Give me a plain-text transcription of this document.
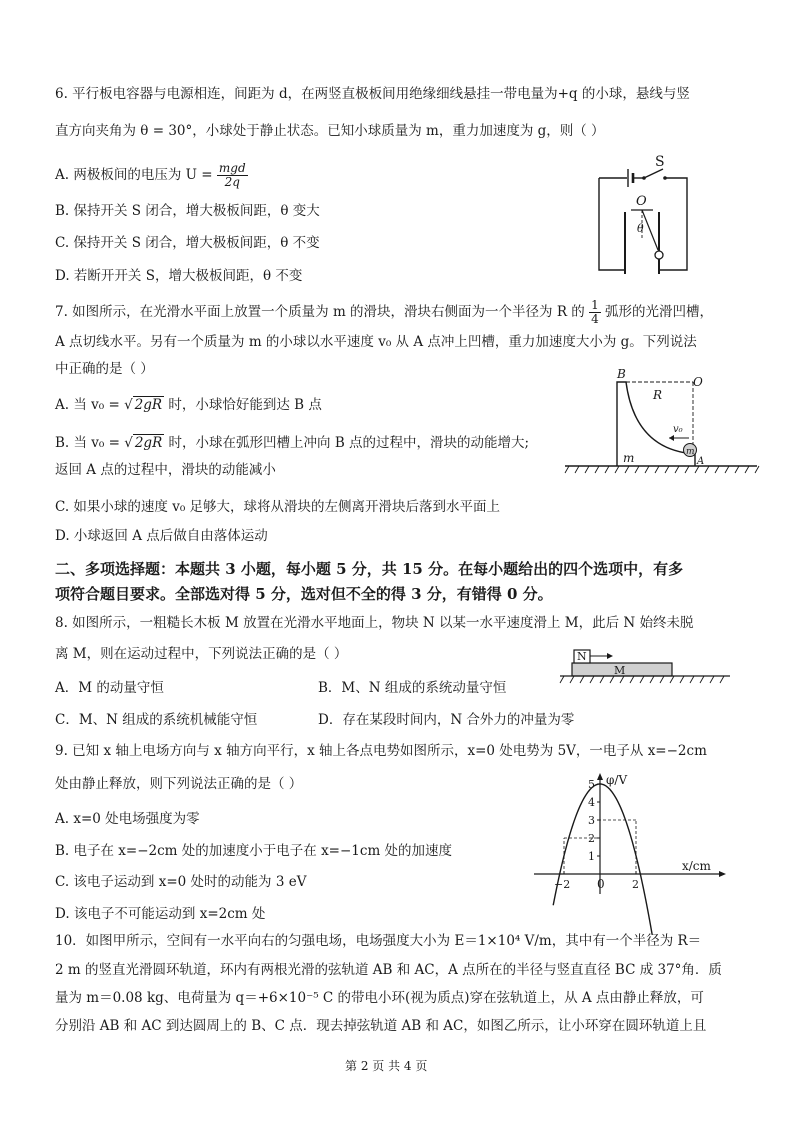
6. 平行板电容器与电源相连，间距为 d，在两竖直极板间用绝缘细线悬挂一带电量为+q 的小球，悬线与竖
直方向夹角为 θ = 30°，小球处于静止状态。已知小球质量为 m，重力加速度为 g，则（ ）
A. 两极板间的电压为 $U = \frac{\text{mgd}}{2q}$
B. 保持开关 S 闭合，增大极板间距，θ 变大
C. 保持开关 S 闭合，增大极板间距，θ 不变
D. 若断开开关 S，增大极板间距，θ 不变
S
O
θ
7. 如图所示，在光滑水平面上放置一个质量为 m 的滑块，滑块右侧面为一个半径为 R 的 $\frac{1}{4}$ 弧形的光滑凹槽，
A 点切线水平。另有一个质量为 m 的小球以水平速度 v₀ 从 A 点冲上凹槽，重力加速度大小为 g。下列说法
中正确的是（ ）
A. 当 v₀ = √ 2gR 时，小球恰好能到达 B 点
B. 当 v₀ = √ 2gR 时，小球在弧形凹槽上冲向 B 点的过程中，滑块的动能增大;
返回 A 点的过程中，滑块的动能减小
C. 如果小球的速度 v₀ 足够大，球将从滑块的左侧离开滑块后落到水平面上
D. 小球返回 A 点后做自由落体运动
B
O
R
v₀
m
A
m
二、多项选择题：本题共 3 小题，每小题 5 分，共 15 分。在每小题给出的四个选项中，有多
项符合题目要求。全部选对得 5 分，选对但不全的得 3 分，有错得 0 分。
8. 如图所示，一粗糙长木板 M 放置在光滑水平地面上，物块 N 以某一水平速度滑上 M，此后 N 始终未脱
离 M，则在运动过程中，下列说法正确的是（ ）
A．M 的动量守恒	B．M、N 组成的系统动量守恒
C．M、N 组成的系统机械能守恒	D．存在某段时间内，N 合外力的冲量为零
M
N
9. 已知 x 轴上电场方向与 x 轴方向平行，x 轴上各点电势如图所示，x=0 处电势为 5V，一电子从 x=−2cm
处由静止释放，则下列说法正确的是（ ）
A. x=0 处电场强度为零
B. 电子在 x=−2cm 处的加速度小于电子在 x=−1cm 处的加速度
C. 该电子运动到 x=0 处时的动能为 3 eV
D. 该电子不可能运动到 x=2cm 处
φ/V
x/cm
0
1
2
3
4
5
−2	2
10．如图甲所示，空间有一水平向右的匀强电场，电场强度大小为 E＝1×10⁴ V/m，其中有一个半径为 R＝
2 m 的竖直光滑圆环轨道，环内有两根光滑的弦轨道 AB 和 AC，A 点所在的半径与竖直直径 BC 成 37°角．质
量为 m＝0.08 kg、电荷量为 q＝+6×10⁻⁵ C 的带电小环(视为质点)穿在弦轨道上，从 A 点由静止释放，可
分别沿 AB 和 AC 到达圆周上的 B、C 点．现去掉弦轨道 AB 和 AC，如图乙所示，让小环穿在圆环轨道上且
第 2 页 共 4 页
